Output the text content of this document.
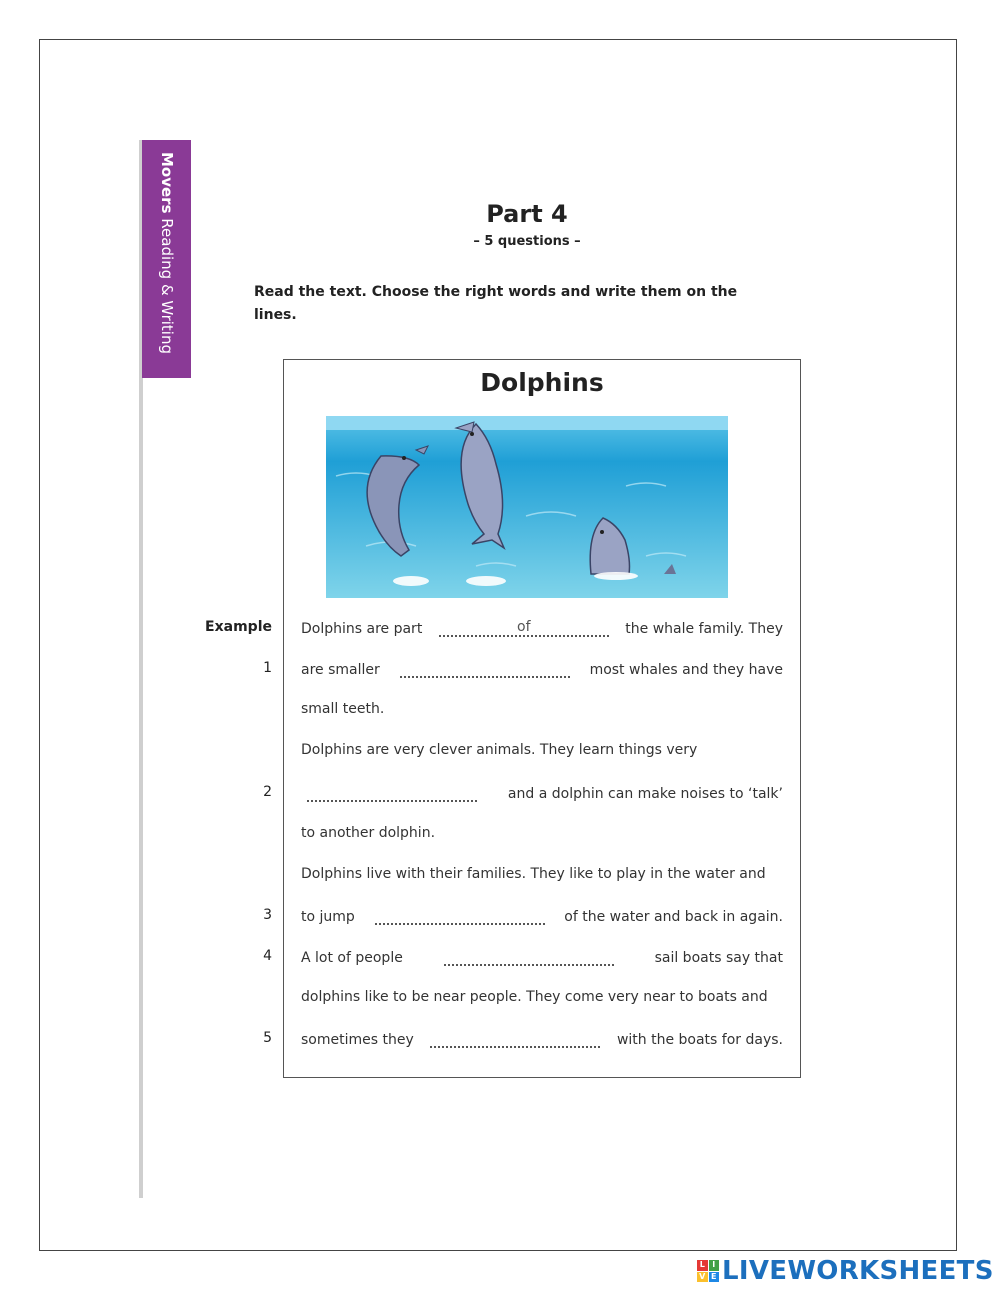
Movers Reading & Writing
Part 4
– 5 questions –
Read the text. Choose the right words and write them on the lines.
Dolphins
Example Dolphins are part	of	the whale family. They
1 are smaller	most whales and they have
small teeth.
Dolphins are very clever animals. They learn things very
2	and a dolphin can make noises to ‘talk’
to another dolphin.
Dolphins live with their families. They like to play in the water and
3 to jump	of the water and back in again.
4 A lot of people	sail boats say that
dolphins like to be near people. They come very near to boats and
5 sometimes they	with the boats for days.
L I
V E LIVEWORKSHEETS
